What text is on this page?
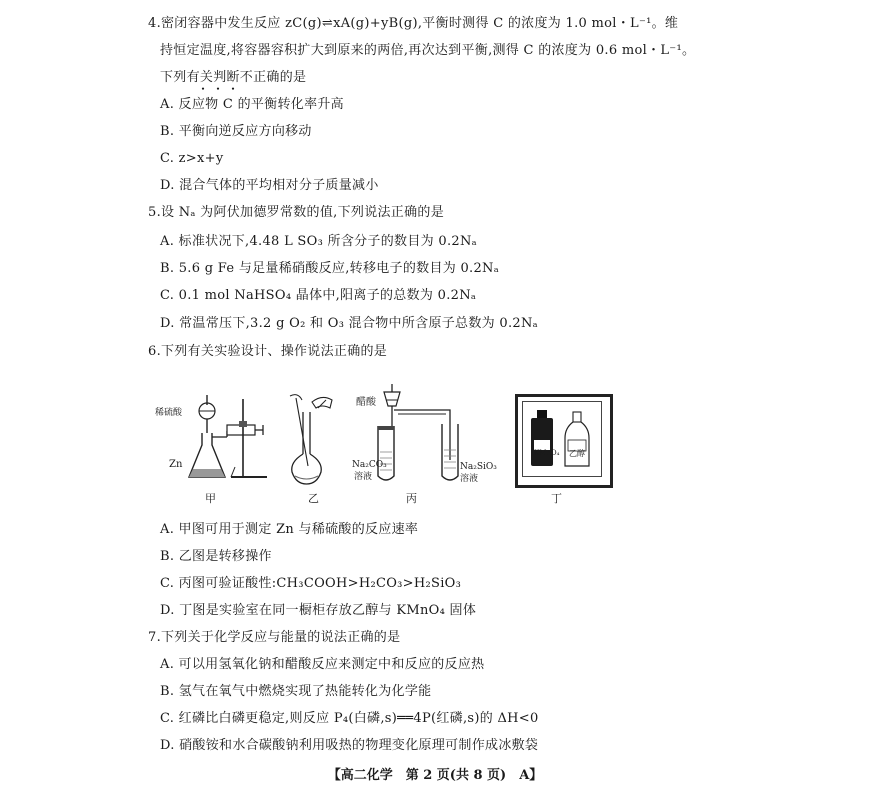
4.密闭容器中发生反应 zC(g)⇌xA(g)+yB(g),平衡时测得 C 的浓度为 1.0 mol・L⁻¹。维
持恒定温度,将容器容积扩大到原来的两倍,再次达到平衡,测得 C 的浓度为 0.6 mol・L⁻¹。
下列有关判断不正确的是
・・・
A. 反应物 C 的平衡转化率升高
B. 平衡向逆反应方向移动
C. z>x+y
D. 混合气体的平均相对分子质量减小
5.设 Nₐ 为阿伏加德罗常数的值,下列说法正确的是
A. 标准状况下,4.48 L SO₃ 所含分子的数目为 0.2Nₐ
B. 5.6 g Fe 与足量稀硝酸反应,转移电子的数目为 0.2Nₐ
C. 0.1 mol NaHSO₄ 晶体中,阳离子的总数为 0.2Nₐ
D. 常温常压下,3.2 g O₂ 和 O₃ 混合物中所含原子总数为 0.2Nₐ
6.下列有关实验设计、操作说法正确的是
稀硫酸
Zn
甲	乙
醋酸
Na₂CO₃
溶液
Na₂SiO₃
溶液
丙
KMnO₄ 乙醇
丁
A. 甲图可用于测定 Zn 与稀硫酸的反应速率
B. 乙图是转移操作
C. 丙图可验证酸性:CH₃COOH>H₂CO₃>H₂SiO₃
D. 丁图是实验室在同一橱柜存放乙醇与 KMnO₄ 固体
7.下列关于化学反应与能量的说法正确的是
A. 可以用氢氧化钠和醋酸反应来测定中和反应的反应热
B. 氢气在氧气中燃烧实现了热能转化为化学能
C. 红磷比白磷更稳定,则反应 P₄(白磷,s)══4P(红磷,s)的 ΔH<0
D. 硝酸铵和水合碳酸钠利用吸热的物理变化原理可制作成冰敷袋
【高二化学　第 2 页(共 8 页)　A】
